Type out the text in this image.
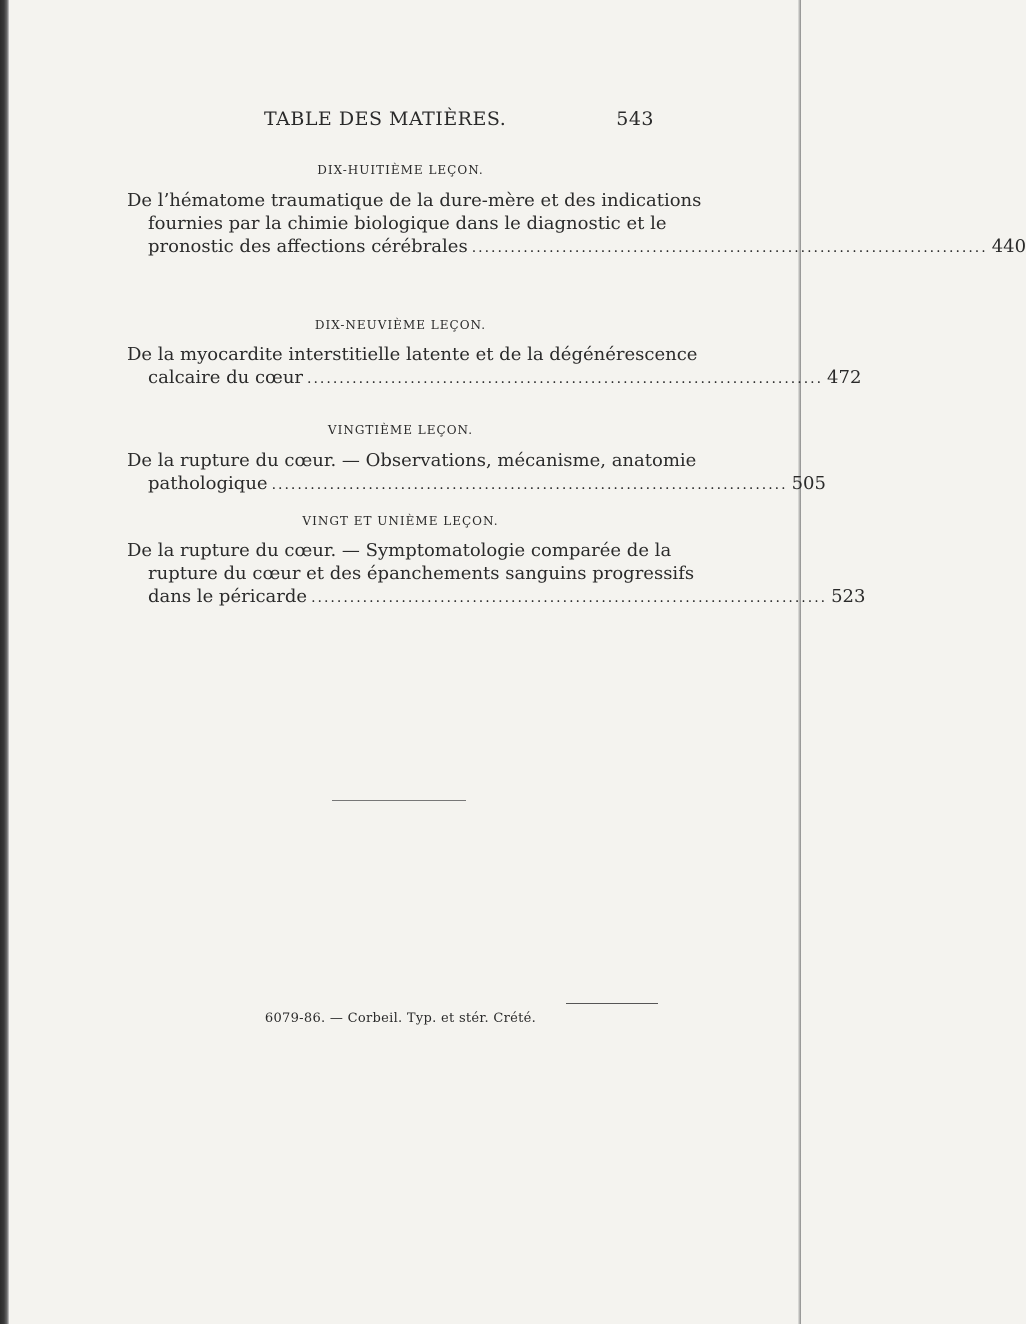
TABLE DES MATIÈRES.	543
DIX-HUITIÈME LEÇON.
De l’hématome traumatique de la dure-mère et des indications
fournies par la chimie biologique dans le diagnostic et le
pronostic des affections cérébrales ................................................................................ 440
DIX-NEUVIÈME LEÇON.
De la myocardite interstitielle latente et de la dégénérescence
calcaire du cœur ................................................................................ 472
VINGTIÈME LEÇON.
De la rupture du cœur. — Observations, mécanisme, anatomie
pathologique ................................................................................ 505
VINGT ET UNIÈME LEÇON.
De la rupture du cœur. — Symptomatologie comparée de la
rupture du cœur et des épanchements sanguins progressifs
dans le péricarde ................................................................................ 523
6079-86. — Corbeil. Typ. et stér. Crété.
